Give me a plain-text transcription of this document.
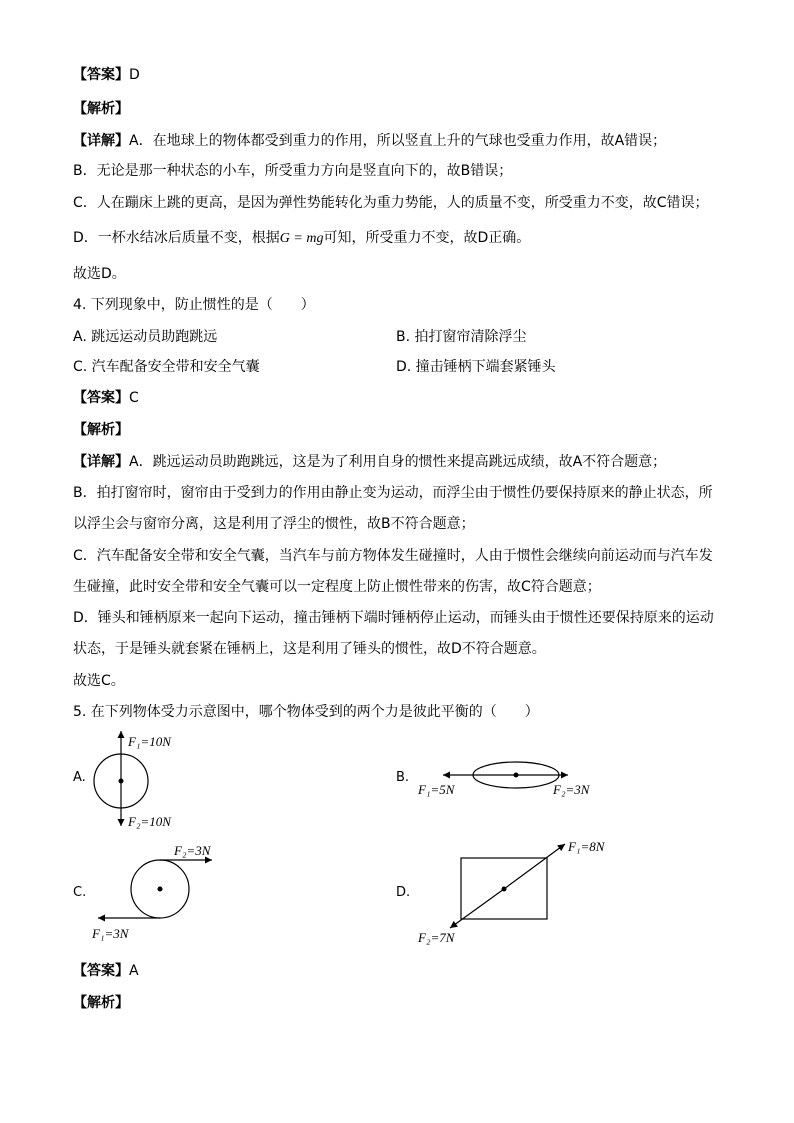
【答案】D
【解析】
【详解】A．在地球上的物体都受到重力的作用，所以竖直上升的气球也受重力作用，故A错误；
B．无论是那一种状态的小车，所受重力方向是竖直向下的，故B错误；
C．人在蹦床上跳的更高，是因为弹性势能转化为重力势能，人的质量不变，所受重力不变，故C错误；
D．一杯水结冰后质量不变，根据G = mg可知，所受重力不变，故D正确。
故选D。
4. 下列现象中，防止惯性的是（　　）
A. 跳远运动员助跑跳远	B. 拍打窗帘清除浮尘
C. 汽车配备安全带和安全气囊	D. 撞击锤柄下端套紧锤头
【答案】C
【解析】
【详解】A．跳远运动员助跑跳远，这是为了利用自身的惯性来提高跳远成绩，故A不符合题意；
B．拍打窗帘时，窗帘由于受到力的作用由静止变为运动，而浮尘由于惯性仍要保持原来的静止状态，所
以浮尘会与窗帘分离，这是利用了浮尘的惯性，故B不符合题意；
C．汽车配备安全带和安全气囊，当汽车与前方物体发生碰撞时，人由于惯性会继续向前运动而与汽车发
生碰撞，此时安全带和安全气囊可以一定程度上防止惯性带来的伤害，故C符合题意；
D．锤头和锤柄原来一起向下运动，撞击锤柄下端时锤柄停止运动，而锤头由于惯性还要保持原来的运动
状态，于是锤头就套紧在锤柄上，这是利用了锤头的惯性，故D不符合题意。
故选C。
5. 在下列物体受力示意图中，哪个物体受到的两个力是彼此平衡的（　　）
A.
F₁=10N
F₂=10N
B.
F₁=5N	F₂=3N
C.
F₂=3N
F₁=3N
D.
F₁=8N
F₂=7N
【答案】A
【解析】
